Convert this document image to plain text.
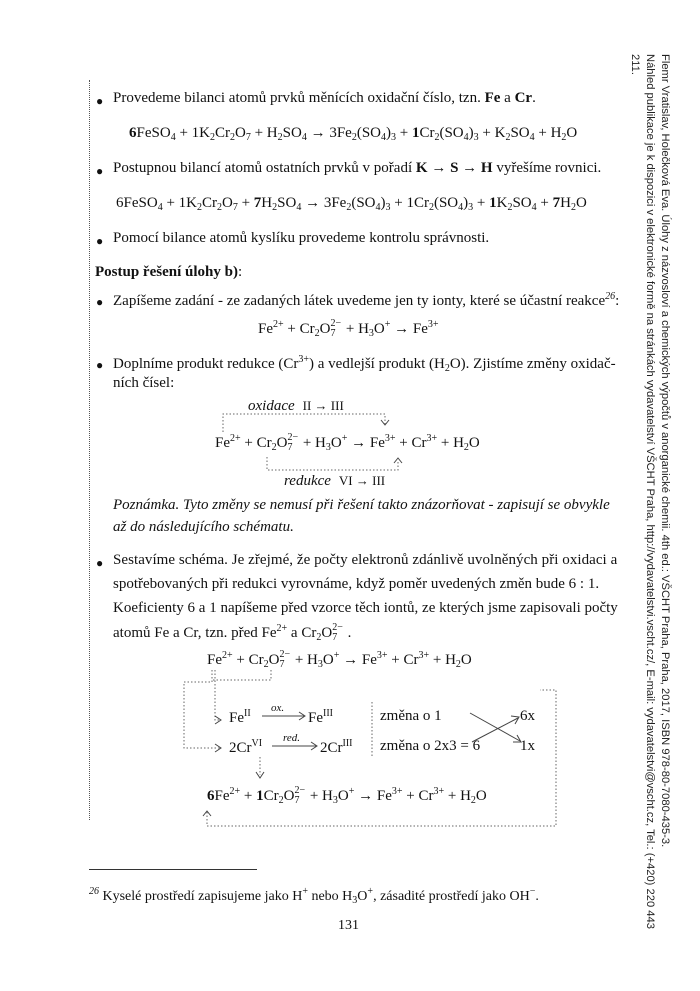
● Provedeme bilanci atomů prvků měnících oxidační číslo, tzn. Fe a Cr.
6FeSO$_4$ + $1K_2Cr_2O_7 + H_2SO_4 \to 3Fe_2(SO_4)_3 + 1Cr_2(SO_4)_3 + K_2SO_4 + H_2O$
● Postupnou bilancí atomů ostatních prvků v pořadí K → S → H vyřešíme rovnici.
6FeSO$_4$ + $1K_2Cr_2O_7 + 7H_2SO_4 \to 3Fe_2(SO_4)_3 + 1Cr_2(SO_4)_3 + 1K_2SO_4 + 7H_2O$
● Pomocí bilance atomů kyslíku provedeme kontrolu správnosti.
Postup řešení úlohy b):
● Zapíšeme zadání - ze zadaných látek uvedeme jen ty ionty, které se účastní reakce$^{26}$:
$Fe^{2+} + Cr_2O$ 2−
$7 + H_3O^+ \to Fe^{3+}$
● Doplníme produkt redukce $(Cr^{3+})$ a vedlejší produkt $(H_2O)$. Zjistíme změny oxidač-
ních čísel:
oxidace II → III
$Fe^{2+} + Cr_2O$ 2−
$7 + H_3O^+ \to Fe^{3+} + Cr^{3+} + H_2O$
redukce VI → III
Poznámka. Tyto změny se nemusí při řešení takto znázorňovat - zapisují se obvykle
až do následujícího schématu.
● Sestavíme schéma. Je zřejmé, že počty elektronů zdánlivě uvolněných při oxidaci a
spotřebovaných při redukci vyrovnáme, když poměr uvedených změn bude 6 : 1.
Koeficienty 6 a 1 napíšeme před vzorce těch iontů, ze kterých jsme zapisovali počty
atomů Fe a Cr, tzn. před $Fe^{2+}$ a $Cr_2O$ 2−
7 .
$Fe^{2+} + Cr_2O$ 2−
$7 + H_3O^+ \to Fe^{3+} + Cr^{3+} + H_2O$
$Fe^{II}$ ox.
$Fe^{III}$	změna o 1	6x
$2Cr^{VI}$ red.
$2Cr^{III}$ změna o 2x3 = 6	1x
$6Fe^{2+} + 1Cr_2O$ 2−
$7 + H_3O^+ \to Fe^{3+} + Cr^{3+} + H_2O$
$^{26}$ Kyselé prostředí zapisujeme jako H+ nebo $H_3O^+$, zásadité prostředí jako OH−.
131
Flemr Vratislav, Holečková Eva. Úlohy z názvosloví a chemických výpočtů v anorganické chemii. 4th ed.: VŠCHT Praha, Praha, 2017, ISBN 978-80-7080-435-3.
Náhled publikace je k dispozici v elektronické formě na stránkách vydavatelství VŠCHT Praha, http://vydavatelstvi.vscht.cz/, E-mail: vydavatelstvi@vscht.cz, Tel.: (+420) 220 443 211.
